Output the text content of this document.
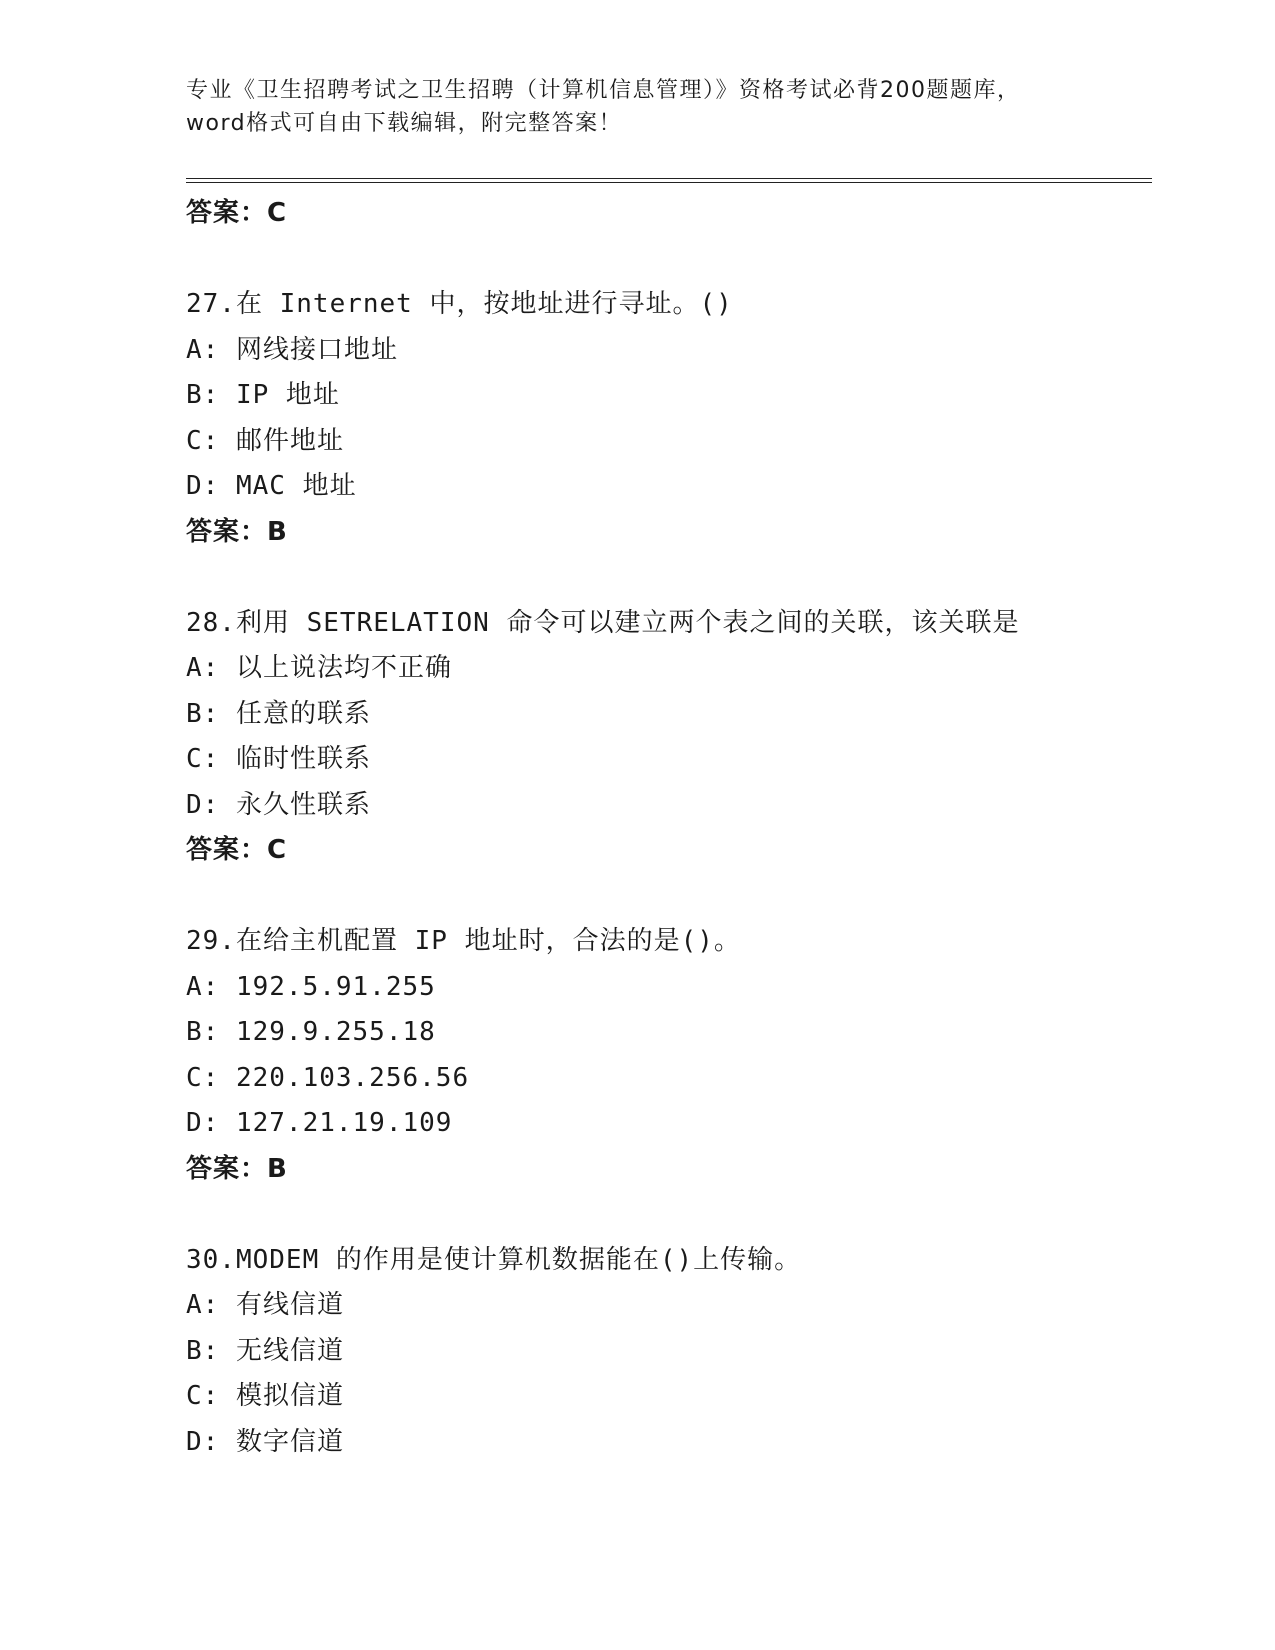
专业《卫生招聘考试之卫生招聘（计算机信息管理）》资格考试必背200题题库，
word格式可自由下载编辑，附完整答案！
答案：C
27.在 Internet 中，按地址进行寻址。()
A: 网线接口地址
B: IP 地址
C: 邮件地址
D: MAC 地址
答案：B
28.利用 SETRELATION 命令可以建立两个表之间的关联，该关联是
A: 以上说法均不正确
B: 任意的联系
C: 临时性联系
D: 永久性联系
答案：C
29.在给主机配置 IP 地址时，合法的是()。
A: 192.5.91.255
B: 129.9.255.18
C: 220.103.256.56
D: 127.21.19.109
答案：B
30.MODEM 的作用是使计算机数据能在()上传输。
A: 有线信道
B: 无线信道
C: 模拟信道
D: 数字信道
